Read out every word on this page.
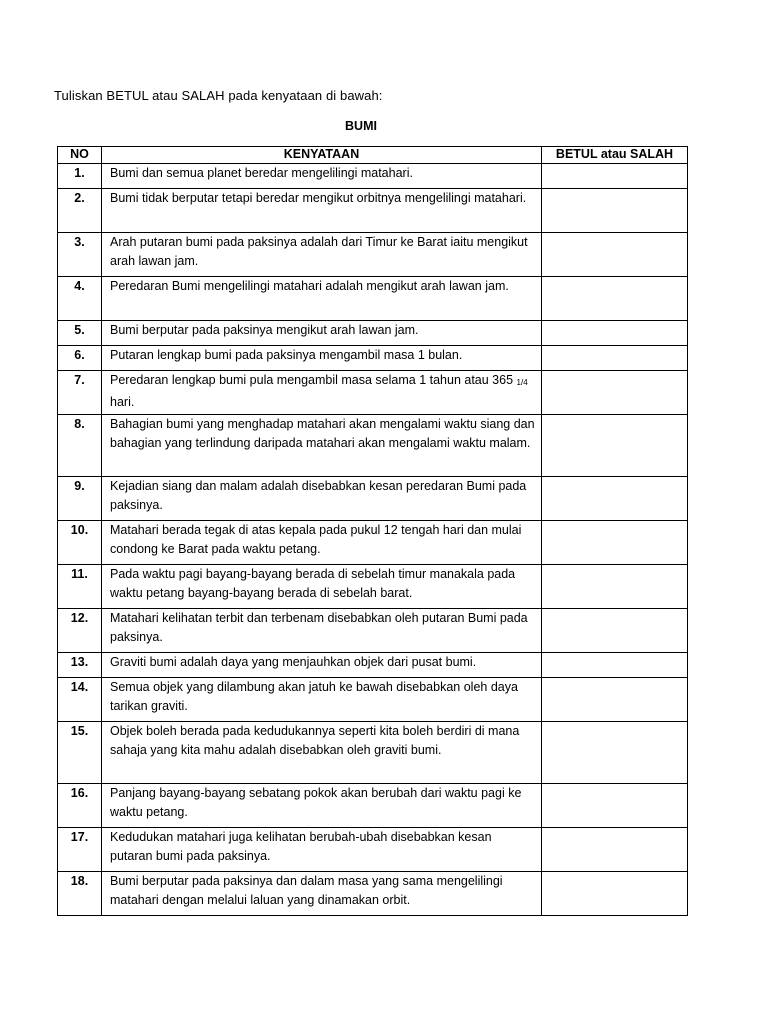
Tuliskan BETUL atau SALAH pada kenyataan di bawah:
BUMI
NO	KENYATAAN	BETUL atau SALAH
1.	Bumi dan semua planet beredar mengelilingi matahari.	
2.	Bumi tidak berputar tetapi beredar mengikut orbitnya mengelilingi matahari.	
3.	Arah putaran bumi pada paksinya adalah dari Timur ke Barat iaitu mengikut arah lawan jam.	
4.	Peredaran Bumi mengelilingi matahari adalah mengikut arah lawan jam.	
5.	Bumi berputar pada paksinya mengikut arah lawan jam.	
6.	Putaran lengkap bumi pada paksinya mengambil masa 1 bulan.	
7.	Peredaran lengkap bumi pula mengambil masa selama 1 tahun atau 365 1/4 hari.	
8.	Bahagian bumi yang menghadap matahari akan mengalami waktu siang dan bahagian yang terlindung daripada matahari akan mengalami waktu malam.	
9.	Kejadian siang dan malam adalah disebabkan kesan peredaran Bumi pada paksinya.	
10.	Matahari berada tegak di atas kepala pada pukul 12 tengah hari dan mulai condong ke Barat pada waktu petang.	
11.	Pada waktu pagi bayang-bayang berada di sebelah timur manakala pada waktu petang bayang-bayang berada di sebelah barat.	
12.	Matahari kelihatan terbit dan terbenam disebabkan oleh putaran Bumi pada paksinya.	
13.	Graviti bumi adalah daya yang menjauhkan objek dari pusat bumi.	
14.	Semua objek yang dilambung akan jatuh ke bawah disebabkan oleh daya tarikan graviti.	
15.	Objek boleh berada pada kedudukannya seperti kita boleh berdiri di mana sahaja yang kita mahu adalah disebabkan oleh graviti bumi.	
16.	Panjang bayang-bayang sebatang pokok akan berubah dari waktu pagi ke waktu petang.	
17.	Kedudukan matahari juga kelihatan berubah-ubah disebabkan kesan putaran bumi pada paksinya.	
18.	Bumi berputar pada paksinya dan dalam masa yang sama mengelilingi matahari dengan melalui laluan yang dinamakan orbit.	
